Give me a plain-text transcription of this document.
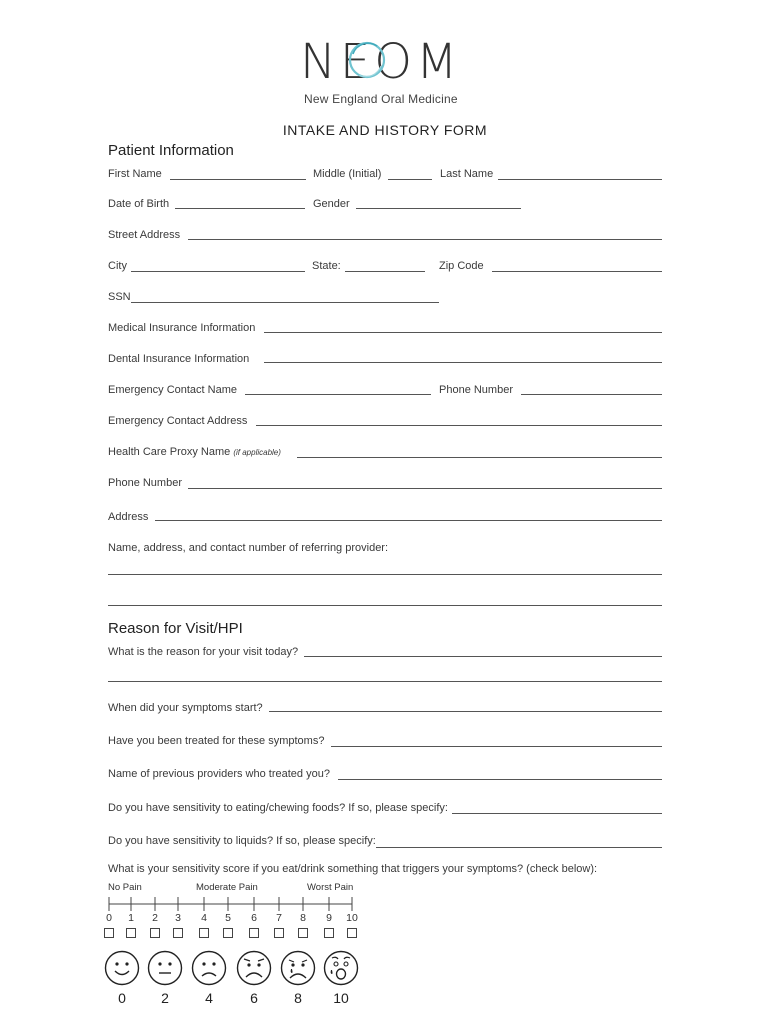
NEOM
New England Oral Medicine
INTAKE AND HISTORY FORM
Patient Information
First Name	Middle (Initial)	Last Name
Date of Birth	Gender
Street Address
City	State:	Zip Code
SSN
Medical Insurance Information
Dental Insurance Information
Emergency Contact Name	Phone Number
Emergency Contact Address
Health Care Proxy Name (if applicable)
Phone Number
Address
Name, address, and contact number of referring provider:
Reason for Visit/HPI
What is the reason for your visit today?
When did your symptoms start?
Have you been treated for these symptoms?
Name of previous providers who treated you?
Do you have sensitivity to eating/chewing foods? If so, please specify:
Do you have sensitivity to liquids? If so, please specify:
What is your sensitivity score if you eat/drink something that triggers your symptoms? (check below):
No Pain	Moderate Pain	Worst Pain
0	1	2	3	4	5	6	7	8	9	10
0	2	4	6	8	10
